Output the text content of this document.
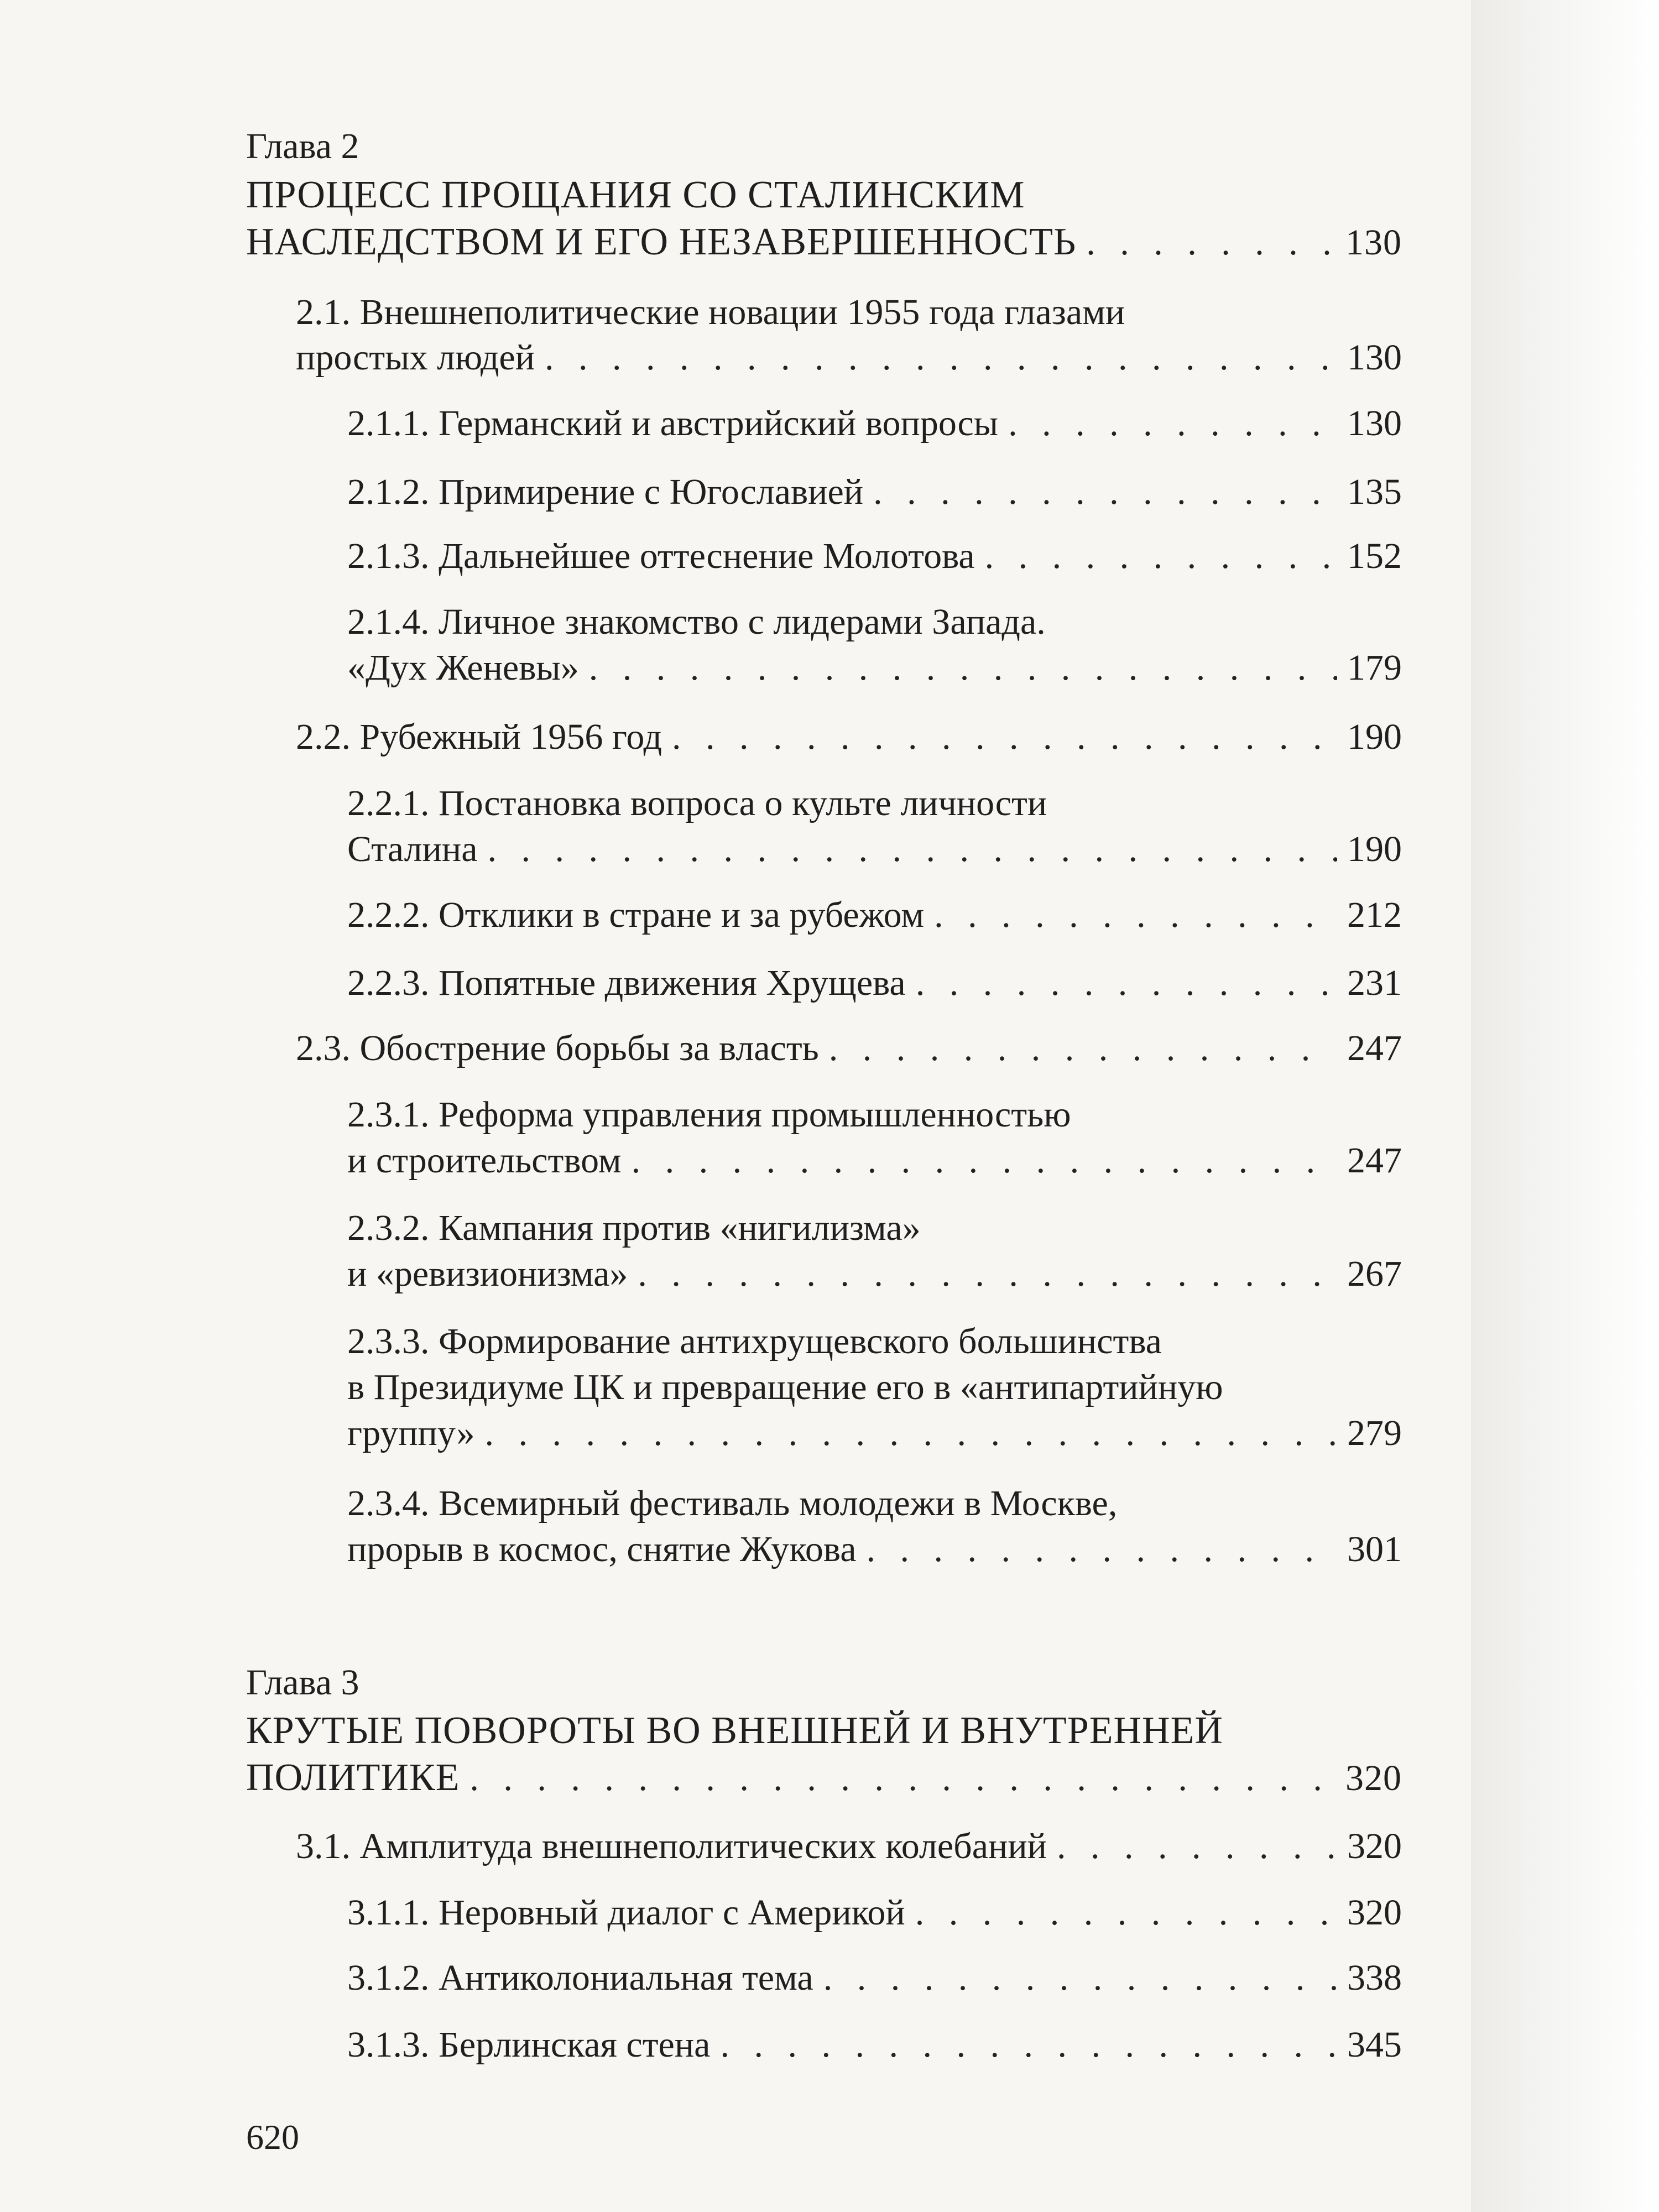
Глава 2
ПРОЦЕСС ПРОЩАНИЯ СО СТАЛИНСКИМ
НАСЛЕДСТВОМ И ЕГО НЕЗАВЕРШЕННОСТЬ . . .	130
2.1. Внешнеполитические новации 1955 года глазами
простых людей . . .	130
2.1.1. Германский и австрийский вопросы . . .	130
2.1.2. Примирение с Югославией . . .	135
2.1.3. Дальнейшее оттеснение Молотова . . .	152
2.1.4. Личное знакомство с лидерами Запада.
«Дух Женевы» . . .	179
2.2. Рубежный 1956 год . . .	190
2.2.1. Постановка вопроса о культе личности
Сталина . . .	190
2.2.2. Отклики в стране и за рубежом . . .	212
2.2.3. Попятные движения Хрущева . . .	231
2.3. Обострение борьбы за власть . . .	247
2.3.1. Реформа управления промышленностью
и строительством . . .	247
2.3.2. Кампания против «нигилизма»
и «ревизионизма» . . .	267
2.3.3. Формирование антихрущевского большинства
в Президиуме ЦК и превращение его в «антипартийную
группу» . . .	279
2.3.4. Всемирный фестиваль молодежи в Москве,
прорыв в космос, снятие Жукова . . .	301
Глава 3
КРУТЫЕ ПОВОРОТЫ ВО ВНЕШНЕЙ И ВНУТРЕННЕЙ
ПОЛИТИКЕ . . .	320
3.1. Амплитуда внешнеполитических колебаний . . .	320
3.1.1. Неровный диалог с Америкой . . .	320
3.1.2. Антиколониальная тема . . .	338
3.1.3. Берлинская стена . . .	345
620
